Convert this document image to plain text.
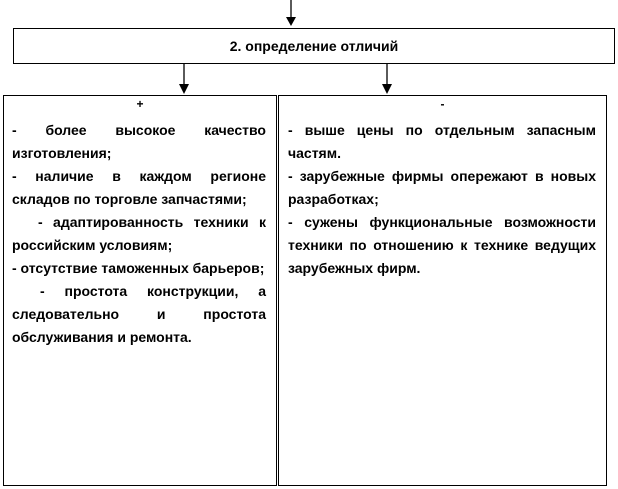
2. определение отличий
+

- более высокое качество изготовления;

- наличие в каждом регионе складов по торговле запчастями;

- адаптированность техники к российским условиям;

- отсутствие таможенных барьеров;

- простота конструкции, а следовательно и простота обслуживания и ремонта.

-

- выше цены по отдельным запасным частям.

- зарубежные фирмы опережают в новых разработках;

- сужены функциональные возможности техники по отношению к технике ведущих зарубежных фирм.
